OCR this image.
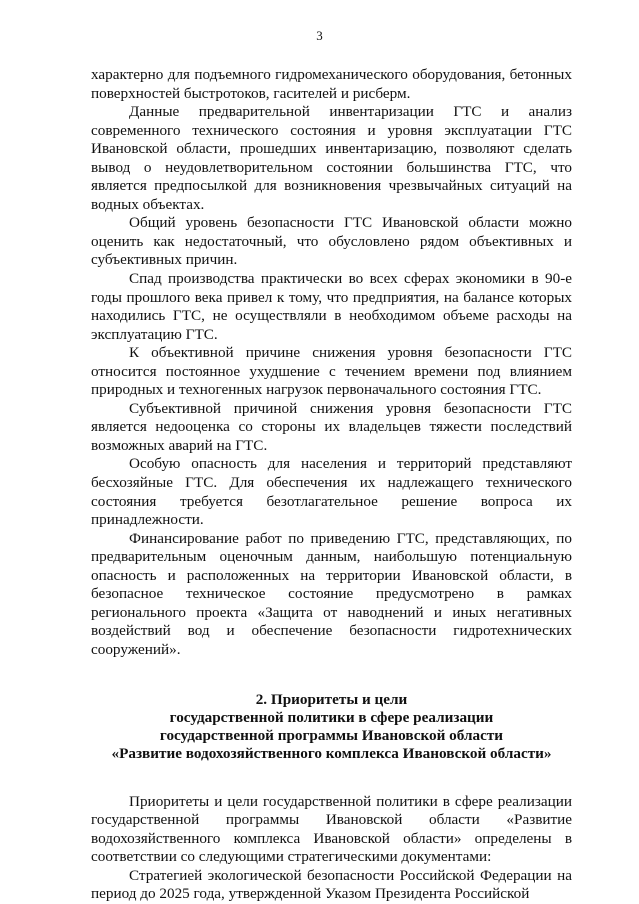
3

характерно для подъемного гидромеханического оборудования, бетонных поверхностей быстротоков, гасителей и рисберм.

Данные предварительной инвентаризации ГТС и анализ современного технического состояния и уровня эксплуатации ГТС Ивановской области, прошедших инвентаризацию, позволяют сделать вывод о неудовлетворительном состоянии большинства ГТС, что является предпосылкой для возникновения чрезвычайных ситуаций на водных объектах.

Общий уровень безопасности ГТС Ивановской области можно оценить как недостаточный, что обусловлено рядом объективных и субъективных причин.

Спад производства практически во всех сферах экономики в 90-е годы прошлого века привел к тому, что предприятия, на балансе которых находились ГТС, не осуществляли в необходимом объеме расходы на эксплуатацию ГТС.

К объективной причине снижения уровня безопасности ГТС относится постоянное ухудшение с течением времени под влиянием природных и техногенных нагрузок первоначального состояния ГТС.

Субъективной причиной снижения уровня безопасности ГТС является недооценка со стороны их владельцев тяжести последствий возможных аварий на ГТС.

Особую опасность для населения и территорий представляют бесхозяйные ГТС. Для обеспечения их надлежащего технического состояния требуется безотлагательное решение вопроса их принадлежности.

Финансирование работ по приведению ГТС, представляющих, по предварительным оценочным данным, наибольшую потенциальную опасность и расположенных на территории Ивановской области, в безопасное техническое состояние предусмотрено в рамках регионального проекта «Защита от наводнений и иных негативных воздействий вод и обеспечение безопасности гидротехнических сооружений».

2. Приоритеты и цели
государственной политики в сфере реализации
государственной программы Ивановской области
«Развитие водохозяйственного комплекса Ивановской области»

Приоритеты и цели государственной политики в сфере реализации государственной программы Ивановской области «Развитие водохозяйственного комплекса Ивановской области» определены в соответствии со следующими стратегическими документами:

Стратегией экологической безопасности Российской Федерации на период до 2025 года, утвержденной Указом Президента Российской
